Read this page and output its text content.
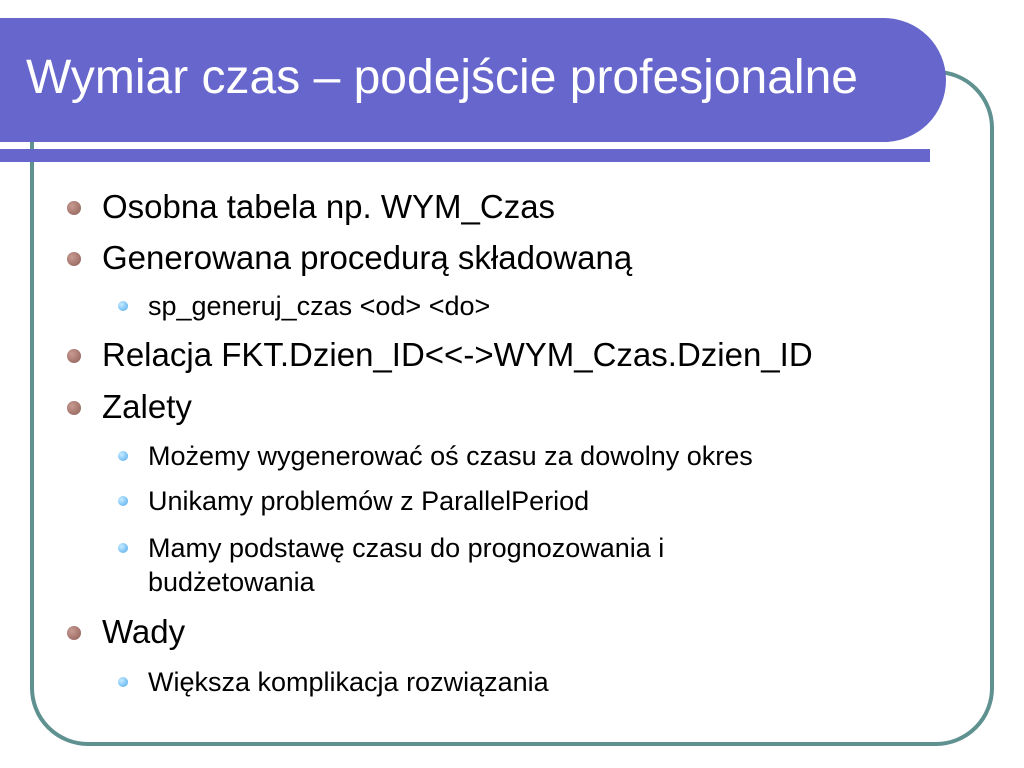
Wymiar czas – podejście profesjonalne
Osobna tabela np. WYM_Czas
Generowana procedurą składowaną
sp_generuj_czas <od> <do>
Relacja FKT.Dzien_ID<<->WYM_Czas.Dzien_ID
Zalety
Możemy wygenerować oś czasu za dowolny okres
Unikamy problemów z ParallelPeriod
Mamy podstawę czasu do prognozowania i
budżetowania
Wady
Większa komplikacja rozwiązania
